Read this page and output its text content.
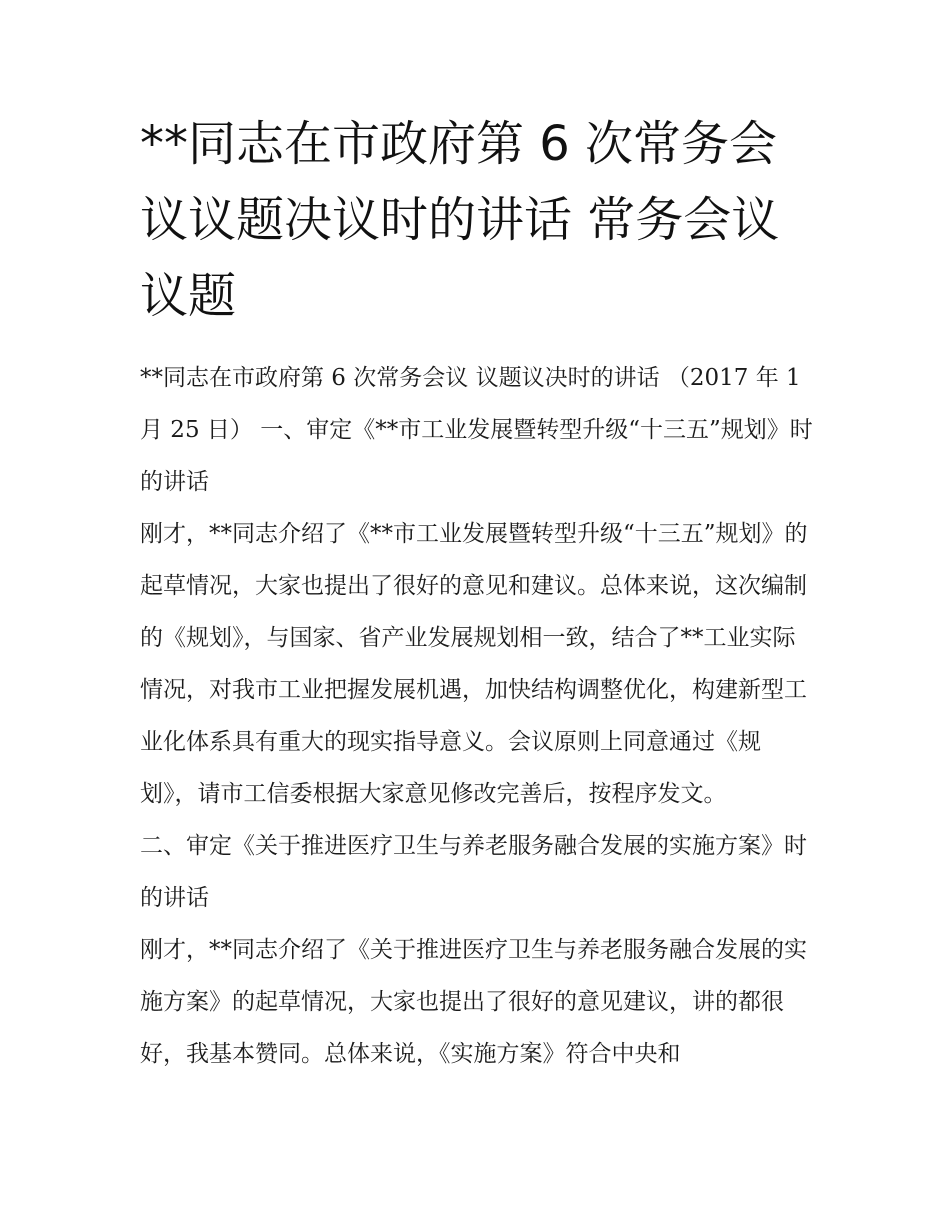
**同志在市政府第 6 次常务会议议题决议时的讲话 常务会议议题

**同志在市政府第 6 次常务会议 议题议决时的讲话 （2017 年 1 月 25 日） 一、审定《**市工业发展暨转型升级“十三五”规划》时的讲话

刚才，**同志介绍了《**市工业发展暨转型升级“十三五”规划》的起草情况，大家也提出了很好的意见和建议。总体来说，这次编制的《规划》，与国家、省产业发展规划相一致，结合了**工业实际情况，对我市工业把握发展机遇，加快结构调整优化，构建新型工业化体系具有重大的现实指导意义。会议原则上同意通过《规划》，请市工信委根据大家意见修改完善后，按程序发文。

二、审定《关于推进医疗卫生与养老服务融合发展的实施方案》时的讲话

刚才，**同志介绍了《关于推进医疗卫生与养老服务融合发展的实施方案》的起草情况，大家也提出了很好的意见建议，讲的都很好，我基本赞同。总体来说，《实施方案》符合中央和
